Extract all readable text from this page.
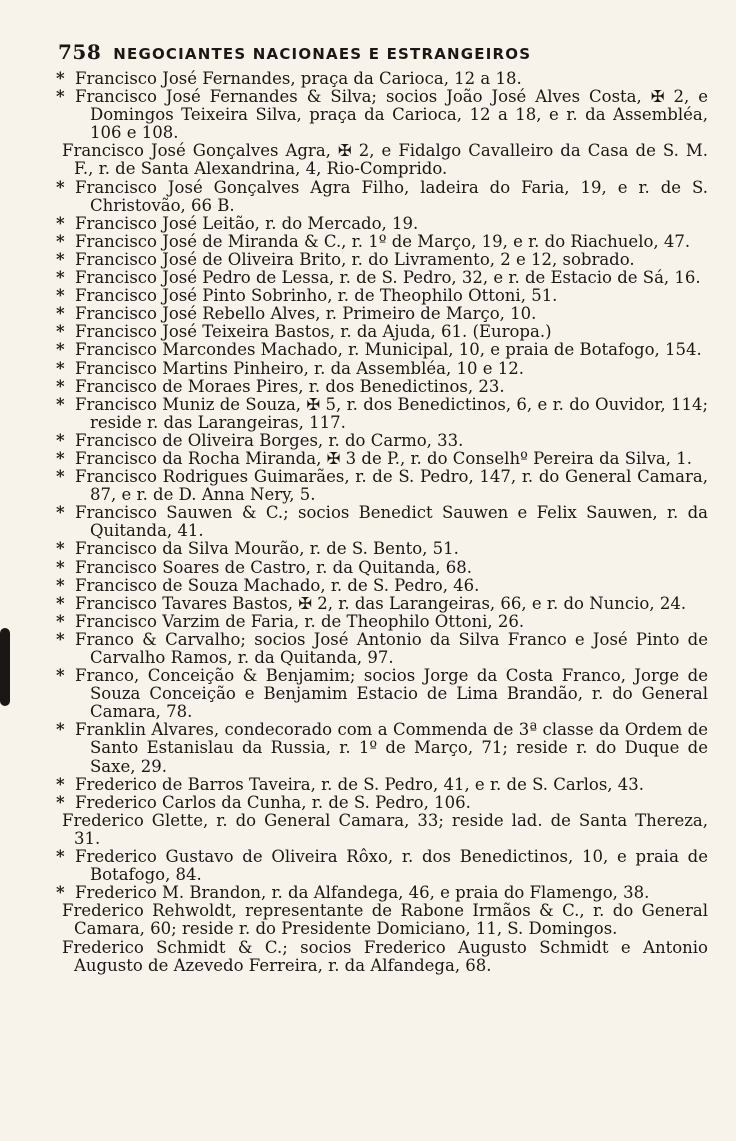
758 NEGOCIANTES NACIONAES E ESTRANGEIROS
* Francisco José Fernandes, praça da Carioca, 12 a 18.
* Francisco José Fernandes & Silva; socios João José Alves Costa, ✠ 2, e Domingos Teixeira Silva, praça da Carioca, 12 a 18, e r. da Assembléa, 106 e 108.
Francisco José Gonçalves Agra, ✠ 2, e Fidalgo Cavalleiro da Casa de S. M. F., r. de Santa Alexandrina, 4, Rio-Comprido.
* Francisco José Gonçalves Agra Filho, ladeira do Faria, 19, e r. de S. Christovão, 66 B.
* Francisco José Leitão, r. do Mercado, 19.
* Francisco José de Miranda & C., r. 1º de Março, 19, e r. do Riachuelo, 47.
* Francisco José de Oliveira Brito, r. do Livramento, 2 e 12, sobrado.
* Francisco José Pedro de Lessa, r. de S. Pedro, 32, e r. de Estacio de Sá, 16.
* Francisco José Pinto Sobrinho, r. de Theophilo Ottoni, 51.
* Francisco José Rebello Alves, r. Primeiro de Março, 10.
* Francisco José Teixeira Bastos, r. da Ajuda, 61. (Europa.)
* Francisco Marcondes Machado, r. Municipal, 10, e praia de Botafogo, 154.
* Francisco Martins Pinheiro, r. da Assembléa, 10 e 12.
* Francisco de Moraes Pires, r. dos Benedictinos, 23.
* Francisco Muniz de Souza, ✠ 5, r. dos Benedictinos, 6, e r. do Ouvidor, 114; reside r. das Larangeiras, 117.
* Francisco de Oliveira Borges, r. do Carmo, 33.
* Francisco da Rocha Miranda, ✠ 3 de P., r. do Conselhº Pereira da Silva, 1.
* Francisco Rodrigues Guimarães, r. de S. Pedro, 147, r. do General Camara, 87, e r. de D. Anna Nery, 5.
* Francisco Sauwen & C.; socios Benedict Sauwen e Felix Sauwen, r. da Quitanda, 41.
* Francisco da Silva Mourão, r. de S. Bento, 51.
* Francisco Soares de Castro, r. da Quitanda, 68.
* Francisco de Souza Machado, r. de S. Pedro, 46.
* Francisco Tavares Bastos, ✠ 2, r. das Larangeiras, 66, e r. do Nuncio, 24.
* Francisco Varzim de Faria, r. de Theophilo Ottoni, 26.
* Franco & Carvalho; socios José Antonio da Silva Franco e José Pinto de Carvalho Ramos, r. da Quitanda, 97.
* Franco, Conceição & Benjamim; socios Jorge da Costa Franco, Jorge de Souza Conceição e Benjamim Estacio de Lima Brandão, r. do General Camara, 78.
* Franklin Alvares, condecorado com a Commenda de 3ª classe da Ordem de Santo Estanislau da Russia, r. 1º de Março, 71; reside r. do Duque de Saxe, 29.
* Frederico de Barros Taveira, r. de S. Pedro, 41, e r. de S. Carlos, 43.
* Frederico Carlos da Cunha, r. de S. Pedro, 106.
Frederico Glette, r. do General Camara, 33; reside lad. de Santa Thereza, 31.
* Frederico Gustavo de Oliveira Rôxo, r. dos Benedictinos, 10, e praia de Botafogo, 84.
* Frederico M. Brandon, r. da Alfandega, 46, e praia do Flamengo, 38.
Frederico Rehwoldt, representante de Rabone Irmãos & C., r. do General Camara, 60; reside r. do Presidente Domiciano, 11, S. Domingos.
Frederico Schmidt & C.; socios Frederico Augusto Schmidt e Antonio Augusto de Azevedo Ferreira, r. da Alfandega, 68.
